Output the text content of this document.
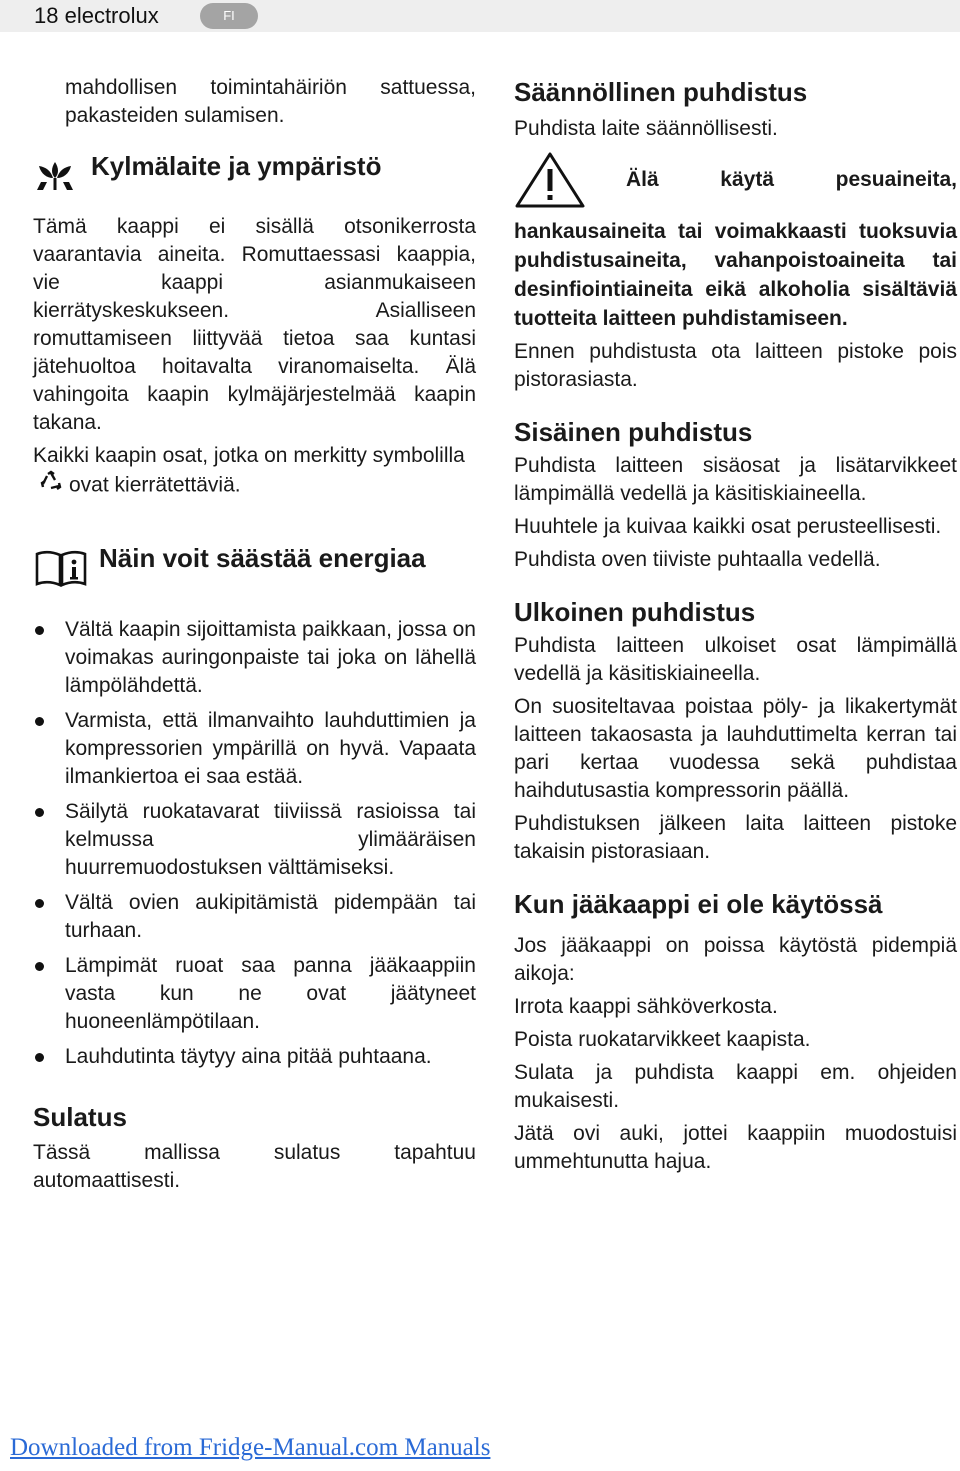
18 electrolux	FI

mahdollisen toimintahäiriön sattuessa, pakasteiden sulamisen.

Kylmälaite ja ympäristö

Tämä kaappi ei sisällä otsonikerrosta vaarantavia aineita. Romuttaessasi kaappia, vie kaappi asianmukaiseen kierrätyskeskukseen. Asialliseen romuttamiseen liittyvää tietoa saa kuntasi jätehuoltoa hoitavalta viranomaiselta. Älä vahingoita kaapin kylmäjärjestelmää kaapin takana.

Kaikki kaapin osat, jotka on merkitty symbolillaovat kierrätettäviä.

Näin voit säästää energiaa
Vältä kaapin sijoittamista paikkaan, jossa on voimakas auringonpaiste tai joka on lähellä lämpölähdettä.
Varmista, että ilmanvaihto lauhduttimien ja kompressorien ympärillä on hyvä. Vapaata ilmankiertoa ei saa estää.
Säilytä ruokatavarat tiiviissä rasioissa tai kelmussa ylimääräisen huurremuodostuksen välttämiseksi.
Vältä ovien aukipitämistä pidempään tai turhaan.
Lämpimät ruoat saa panna jääkaappiin vasta kun ne ovat jäätyneet huoneenlämpötilaan.
Lauhdutinta täytyy aina pitää puhtaana.
Sulatus

Tässä mallissa sulatus tapahtuu automaattisesti.

Säännöllinen puhdistus

Puhdista laite säännöllisesti.

Älä käytä pesuaineita,
hankausaineita tai voimakkaasti tuoksuvia puhdistusaineita, vahanpoistoaineita tai desinfiointiaineita eikä alkoholia sisältäviä tuotteita laitteen puhdistamiseen.

Ennen puhdistusta ota laitteen pistoke pois pistorasiasta.

Sisäinen puhdistus

Puhdista laitteen sisäosat ja lisätarvikkeet lämpimällä vedellä ja käsitiskiaineella.

Huuhtele ja kuivaa kaikki osat perusteellisesti.

Puhdista oven tiiviste puhtaalla vedellä.

Ulkoinen puhdistus

Puhdista laitteen ulkoiset osat lämpimällä vedellä ja käsitiskiaineella.

On suositeltavaa poistaa pöly- ja likakertymät laitteen takaosasta ja lauhduttimelta kerran tai pari kertaa vuodessa sekä puhdistaa haihdutusastia kompressorin päällä.

Puhdistuksen jälkeen laita laitteen pistoke takaisin pistorasiaan.

Kun jääkaappi ei ole käytössä

Jos jääkaappi on poissa käytöstä pidempiä aikoja:

Irrota kaappi sähköverkosta.

Poista ruokatarvikkeet kaapista.

Sulata ja puhdista kaappi em. ohjeiden mukaisesti.

Jätä ovi auki, jottei kaappiin muodostuisi ummehtunutta hajua.

Downloaded from Fridge-Manual.com Manuals
